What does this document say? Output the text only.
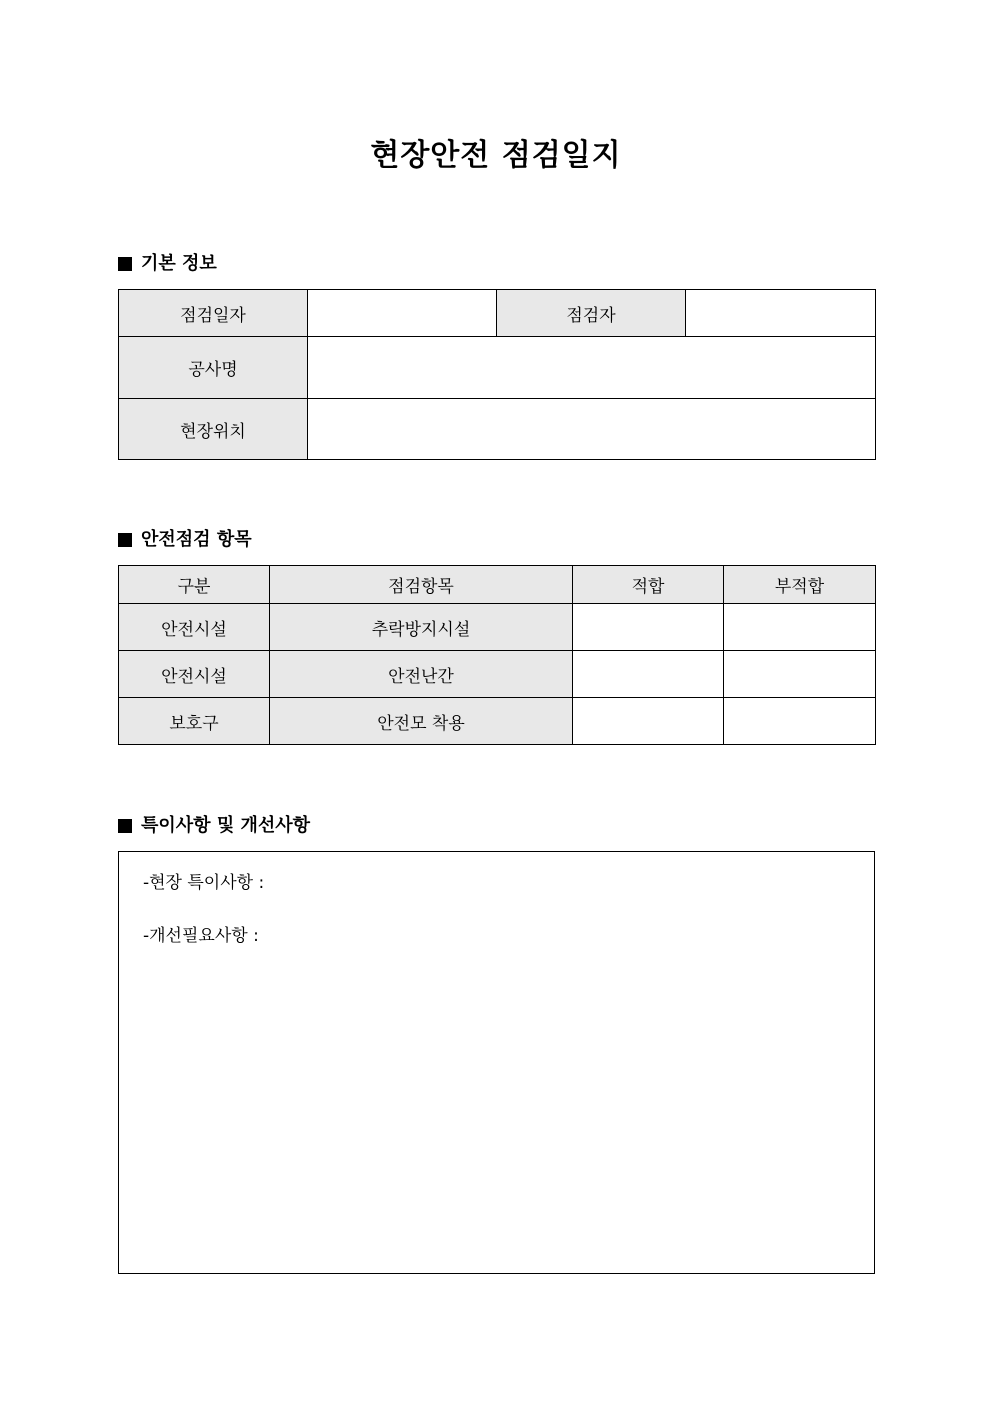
현장안전 점검일지
기본 정보
점검일자		점검자	
공사명			
현장위치			
안전점검 항목
구분	점검항목	적합	부적합
안전시설	추락방지시설		
안전시설	안전난간		
보호구	안전모 착용		
특이사항 및 개선사항
-현장 특이사항 :
-개선필요사항 :
